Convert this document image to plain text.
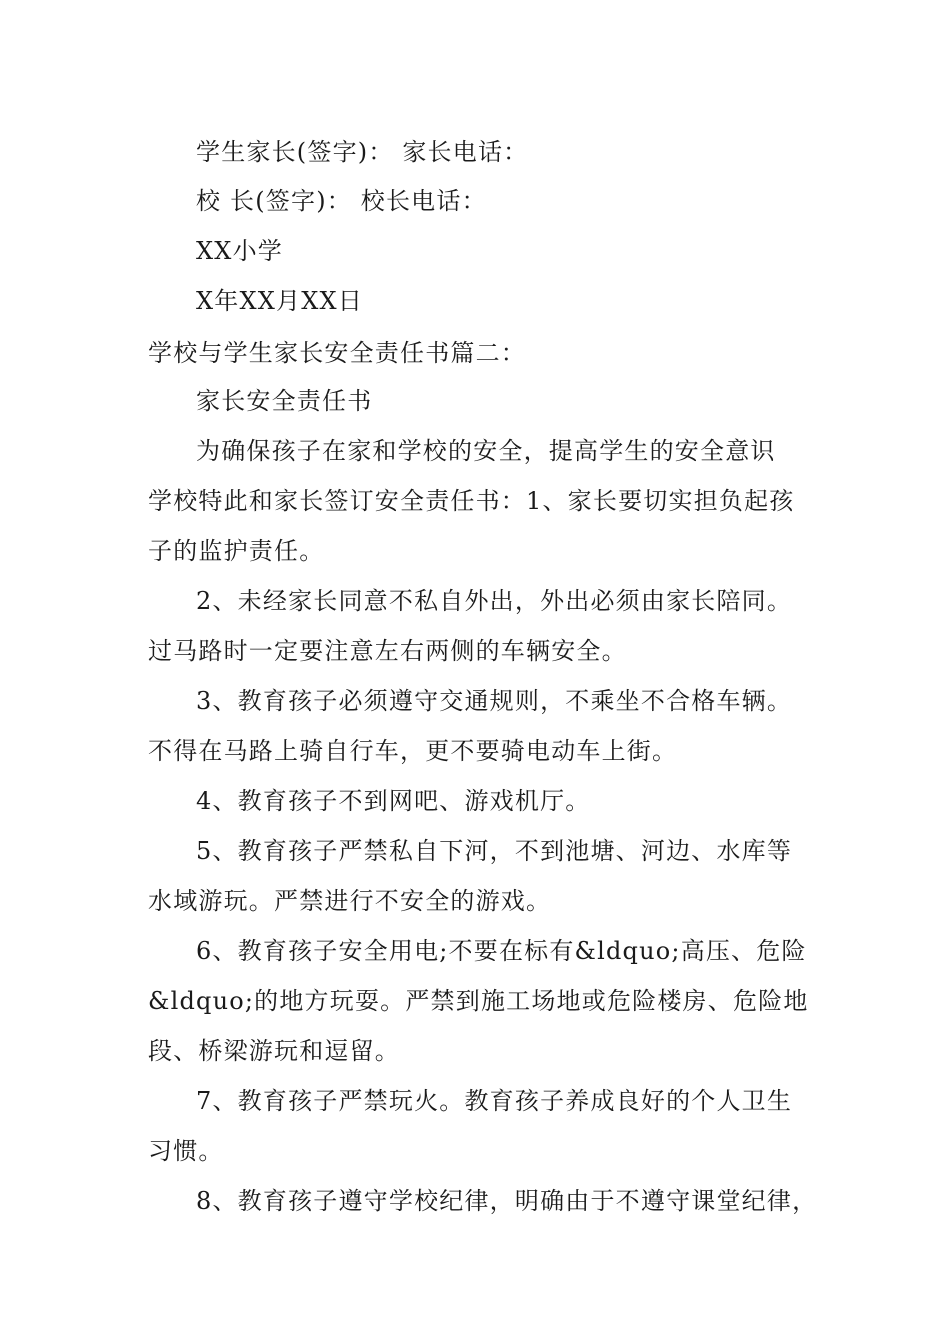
学生家长(签字)： 家长电话：
校 长(签字)： 校长电话：
XX小学
X年XX月XX日
学校与学生家长安全责任书篇二：
家长安全责任书
为确保孩子在家和学校的安全，提高学生的安全意识
学校特此和家长签订安全责任书：1、家长要切实担负起孩
子的监护责任。
2、未经家长同意不私自外出，外出必须由家长陪同。
过马路时一定要注意左右两侧的车辆安全。
3、教育孩子必须遵守交通规则，不乘坐不合格车辆。
不得在马路上骑自行车，更不要骑电动车上街。
4、教育孩子不到网吧、游戏机厅。
5、教育孩子严禁私自下河，不到池塘、河边、水库等
水域游玩。严禁进行不安全的游戏。
6、教育孩子安全用电;不要在标有&ldquo;高压、危险
&ldquo;的地方玩耍。严禁到施工场地或危险楼房、危险地
段、桥梁游玩和逗留。
7、教育孩子严禁玩火。教育孩子养成良好的个人卫生
习惯。
8、教育孩子遵守学校纪律，明确由于不遵守课堂纪律，
